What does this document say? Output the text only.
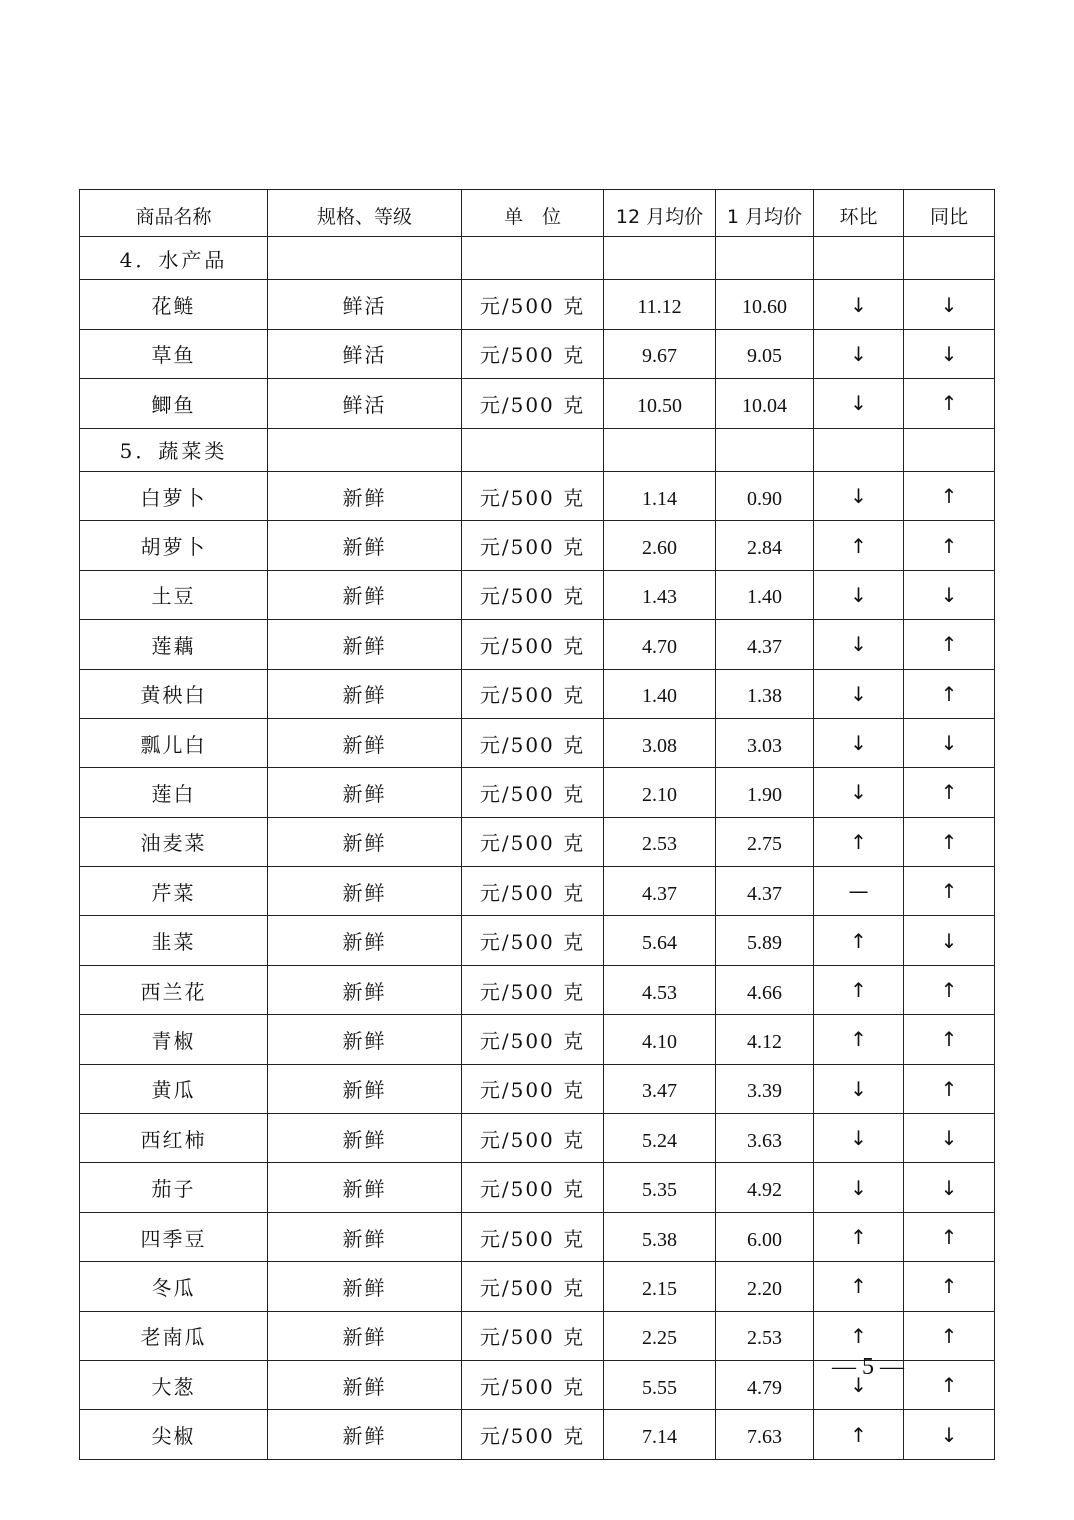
商品名称	规格、等级	单　位	12 月均价	1 月均价	环比	同比
4．水产品						
花鲢	鲜活	元/500 克	11.12	10.60	↓	↓
草鱼	鲜活	元/500 克	9.67	9.05	↓	↓
鲫鱼	鲜活	元/500 克	10.50	10.04	↓	↑
5．蔬菜类						
白萝卜	新鲜	元/500 克	1.14	0.90	↓	↑
胡萝卜	新鲜	元/500 克	2.60	2.84	↑	↑
土豆	新鲜	元/500 克	1.43	1.40	↓	↓
莲藕	新鲜	元/500 克	4.70	4.37	↓	↑
黄秧白	新鲜	元/500 克	1.40	1.38	↓	↑
瓢儿白	新鲜	元/500 克	3.08	3.03	↓	↓
莲白	新鲜	元/500 克	2.10	1.90	↓	↑
油麦菜	新鲜	元/500 克	2.53	2.75	↑	↑
芹菜	新鲜	元/500 克	4.37	4.37	—	↑
韭菜	新鲜	元/500 克	5.64	5.89	↑	↓
西兰花	新鲜	元/500 克	4.53	4.66	↑	↑
青椒	新鲜	元/500 克	4.10	4.12	↑	↑
黄瓜	新鲜	元/500 克	3.47	3.39	↓	↑
西红柿	新鲜	元/500 克	5.24	3.63	↓	↓
茄子	新鲜	元/500 克	5.35	4.92	↓	↓
四季豆	新鲜	元/500 克	5.38	6.00	↑	↑
冬瓜	新鲜	元/500 克	2.15	2.20	↑	↑
老南瓜	新鲜	元/500 克	2.25	2.53	↑	↑
大葱	新鲜	元/500 克	5.55	4.79	↓	↑
尖椒	新鲜	元/500 克	7.14	7.63	↑	↓
— 5 —
